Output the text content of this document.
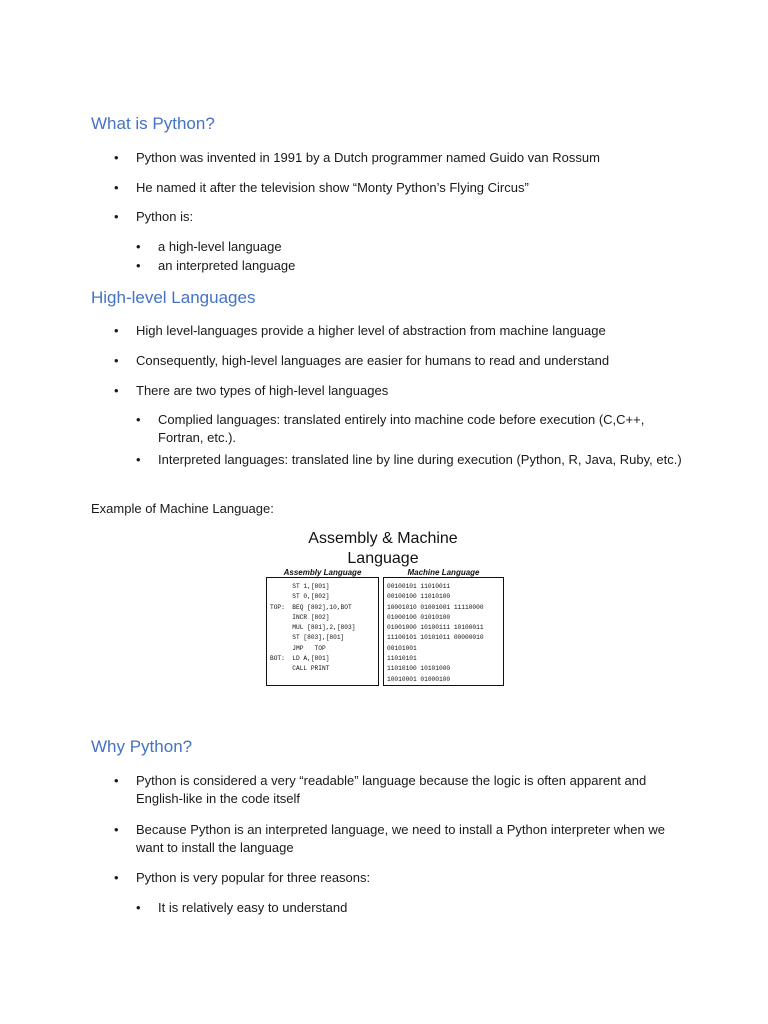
What is Python?
• Python was invented in 1991 by a Dutch programmer named Guido van Rossum
• He named it after the television show “Monty Python’s Flying Circus”
• Python is:
• a high-level language
• an interpreted language
High-level Languages
• High level-languages provide a higher level of abstraction from machine language
• Consequently, high-level languages are easier for humans to read and understand
• There are two types of high-level languages
• Complied languages: translated entirely into machine code before execution (C,C++, Fortran, etc.).
• Interpreted languages: translated line by line during execution (Python, R, Java, Ruby, etc.)
Example of Machine Language:
Assembly & Machine
Language
Assembly Language
ST 1,[801]
ST 0,[802]
TOP:  BEQ [802],10,BOT
INCR [802]
MUL [801],2,[803]
ST [803],[801]
JMP   TOP
BOT:  LD A,[801]
CALL PRINT
Machine Language
00100101 11010011
00100100 11010100
10001010 01001001 11110000
01000100 01010100
01001000 10100111 10100011
11100101 10101011 00000010
00101001
11010101
11010100 10101000
10010001 01000100
Why Python?
• Python is considered a very “readable” language because the logic is often apparent and English-like in the code itself
• Because Python is an interpreted language, we need to install a Python interpreter when we want to install the language
• Python is very popular for three reasons:
• It is relatively easy to understand
